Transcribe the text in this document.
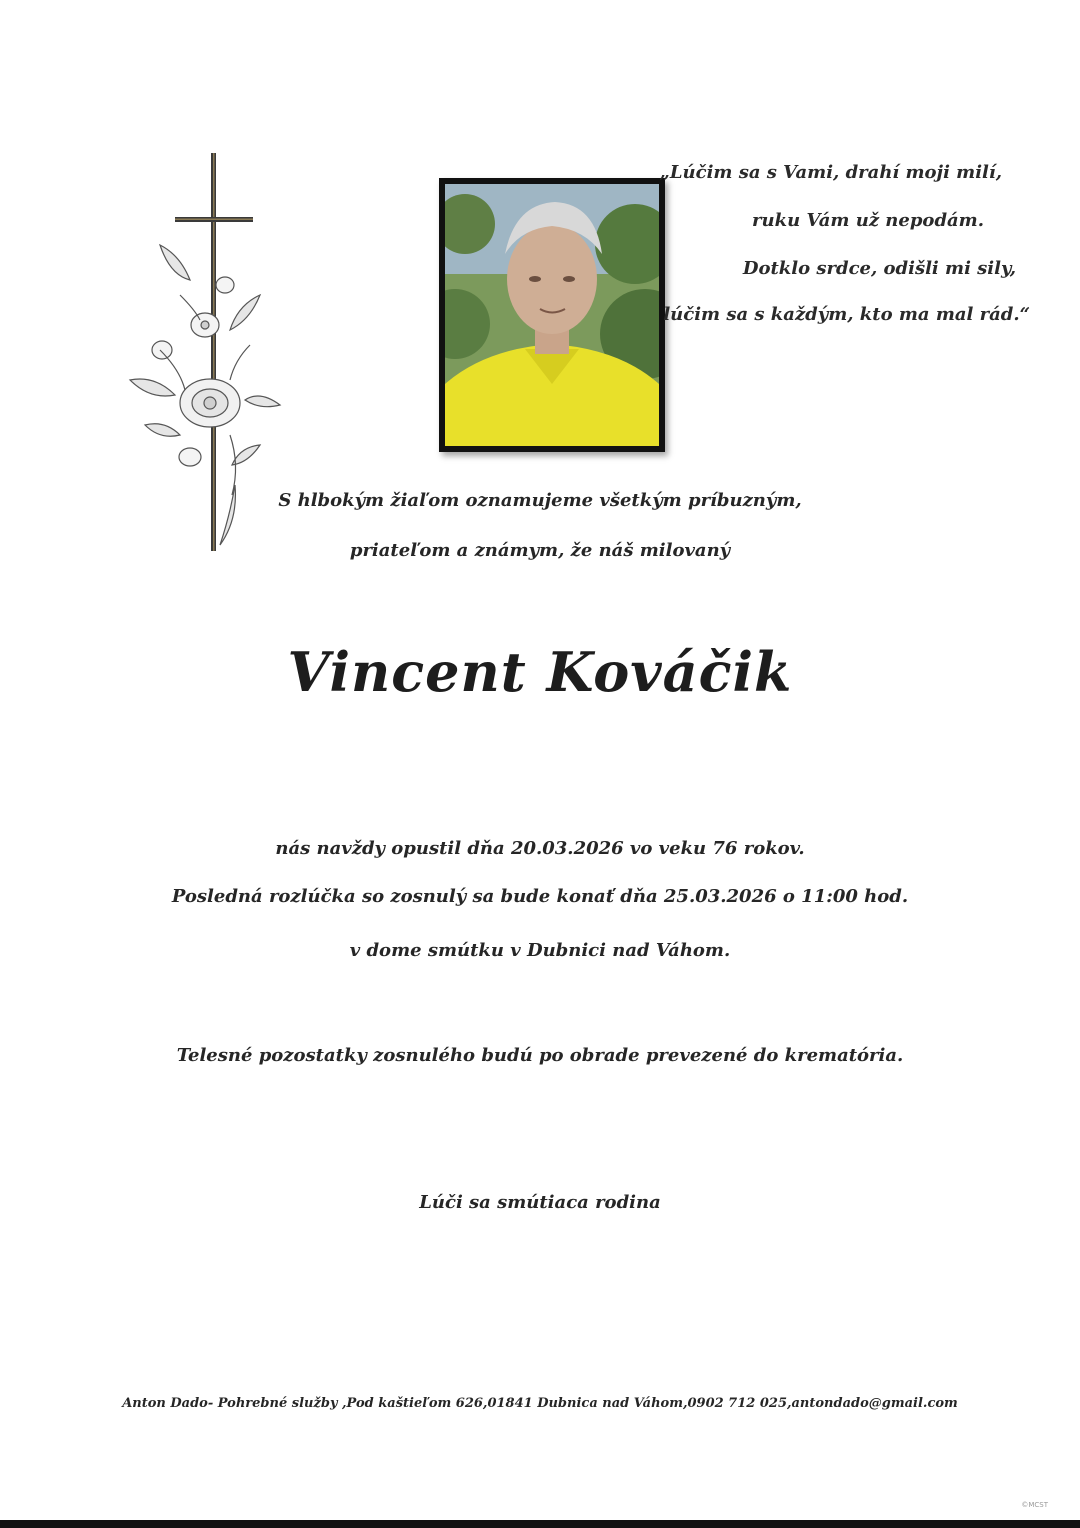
„Lúčim sa s Vami, drahí moji milí,
ruku Vám už nepodám.
Dotklo srdce, odišli mi sily,
lúčim sa s každým, kto ma mal rád.“
S hlbokým žiaľom oznamujeme všetkým príbuzným,
priateľom a známym, že náš milovaný
Vincent Kováčik
nás navždy opustil dňa 20.03.2026 vo veku 76 rokov.
Posledná rozlúčka so zosnulý sa bude konať dňa 25.03.2026 o 11:00 hod.
v dome smútku v Dubnici nad Váhom.
Telesné pozostatky zosnulého budú po obrade prevezené do krematória.
Lúči sa smútiaca rodina
Anton Dado- Pohrebné služby ,Pod kaštieľom 626,01841 Dubnica nad Váhom,0902 712 025,antondado@gmail.com
©MCST
